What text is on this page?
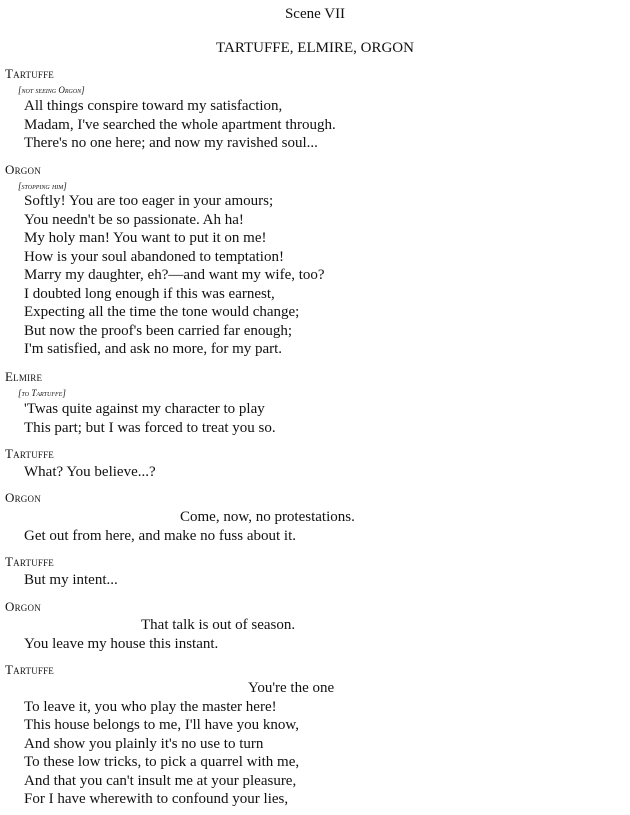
Scene VII
TARTUFFE, ELMIRE, ORGON
Tartuffe
[not seeing Orgon]
All things conspire toward my satisfaction,
Madam, I've searched the whole apartment through.
There's no one here; and now my ravished soul...
Orgon
[stopping him]
Softly! You are too eager in your amours;
You needn't be so passionate. Ah ha!
My holy man! You want to put it on me!
How is your soul abandoned to temptation!
Marry my daughter, eh?—and want my wife, too?
I doubted long enough if this was earnest,
Expecting all the time the tone would change;
But now the proof's been carried far enough;
I'm satisfied, and ask no more, for my part.
Elmire
[to Tartuffe]
'Twas quite against my character to play
This part; but I was forced to treat you so.
Tartuffe
What? You believe...?
Orgon
Come, now, no protestations.
Get out from here, and make no fuss about it.
Tartuffe
But my intent...
Orgon
That talk is out of season.
You leave my house this instant.
Tartuffe
You're the one
To leave it, you who play the master here!
This house belongs to me, I'll have you know,
And show you plainly it's no use to turn
To these low tricks, to pick a quarrel with me,
And that you can't insult me at your pleasure,
For I have wherewith to confound your lies,
